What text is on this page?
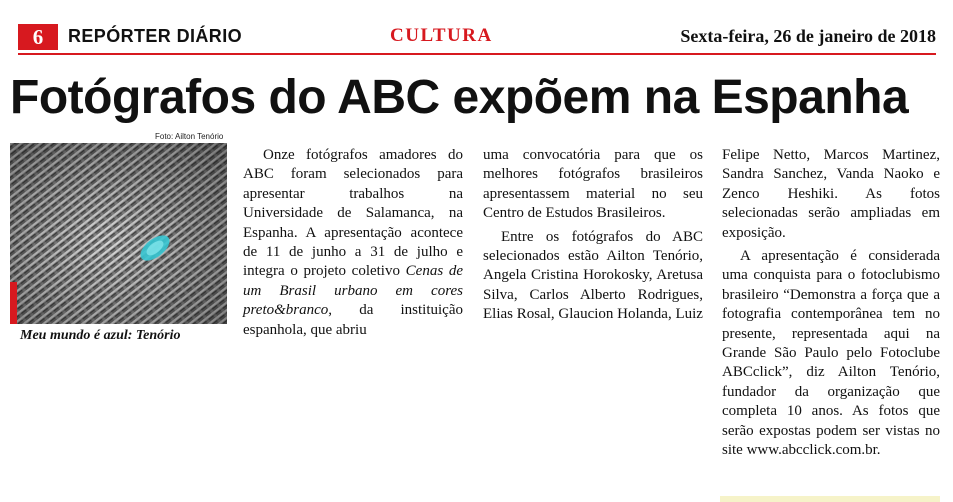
6	REPÓRTER DIÁRIO	CULTURA	Sexta-feira, 26 de janeiro de 2018
Fotógrafos do ABC expõem na Espanha
Foto: Ailton Tenório
Meu mundo é azul: Tenório

Onze fotógrafos amadores do ABC foram selecionados para apresentar trabalhos na Universidade de Salamanca, na Espanha. A apresentação acontece de 11 de junho a 31 de julho e integra o projeto coletivo Cenas de um Brasil urbano em cores preto&branco, da instituição espanhola, que abriu

uma convocatória para que os melhores fotógrafos brasileiros apresentassem material no seu Centro de Estudos Brasileiros.

Entre os fotógrafos do ABC selecionados estão Ailton Tenório, Angela Cristina Horokosky, Aretusa Silva, Carlos Alberto Rodrigues, Elias Rosal, Glaucion Holanda, Luiz

Felipe Netto, Marcos Martinez, Sandra Sanchez, Vanda Naoko e Zenco Heshiki. As fotos selecionadas serão ampliadas em exposição.

A apresentação é considerada uma conquista para o fotoclubismo brasileiro “Demonstra a força que a fotografia contemporânea tem no presente, representada aqui na Grande São Paulo pelo Fotoclube ABCclick”, diz Ailton Tenório, fundador da organização que completa 10 anos. As fotos que serão expostas podem ser vistas no site www.abcclick.com.br.
